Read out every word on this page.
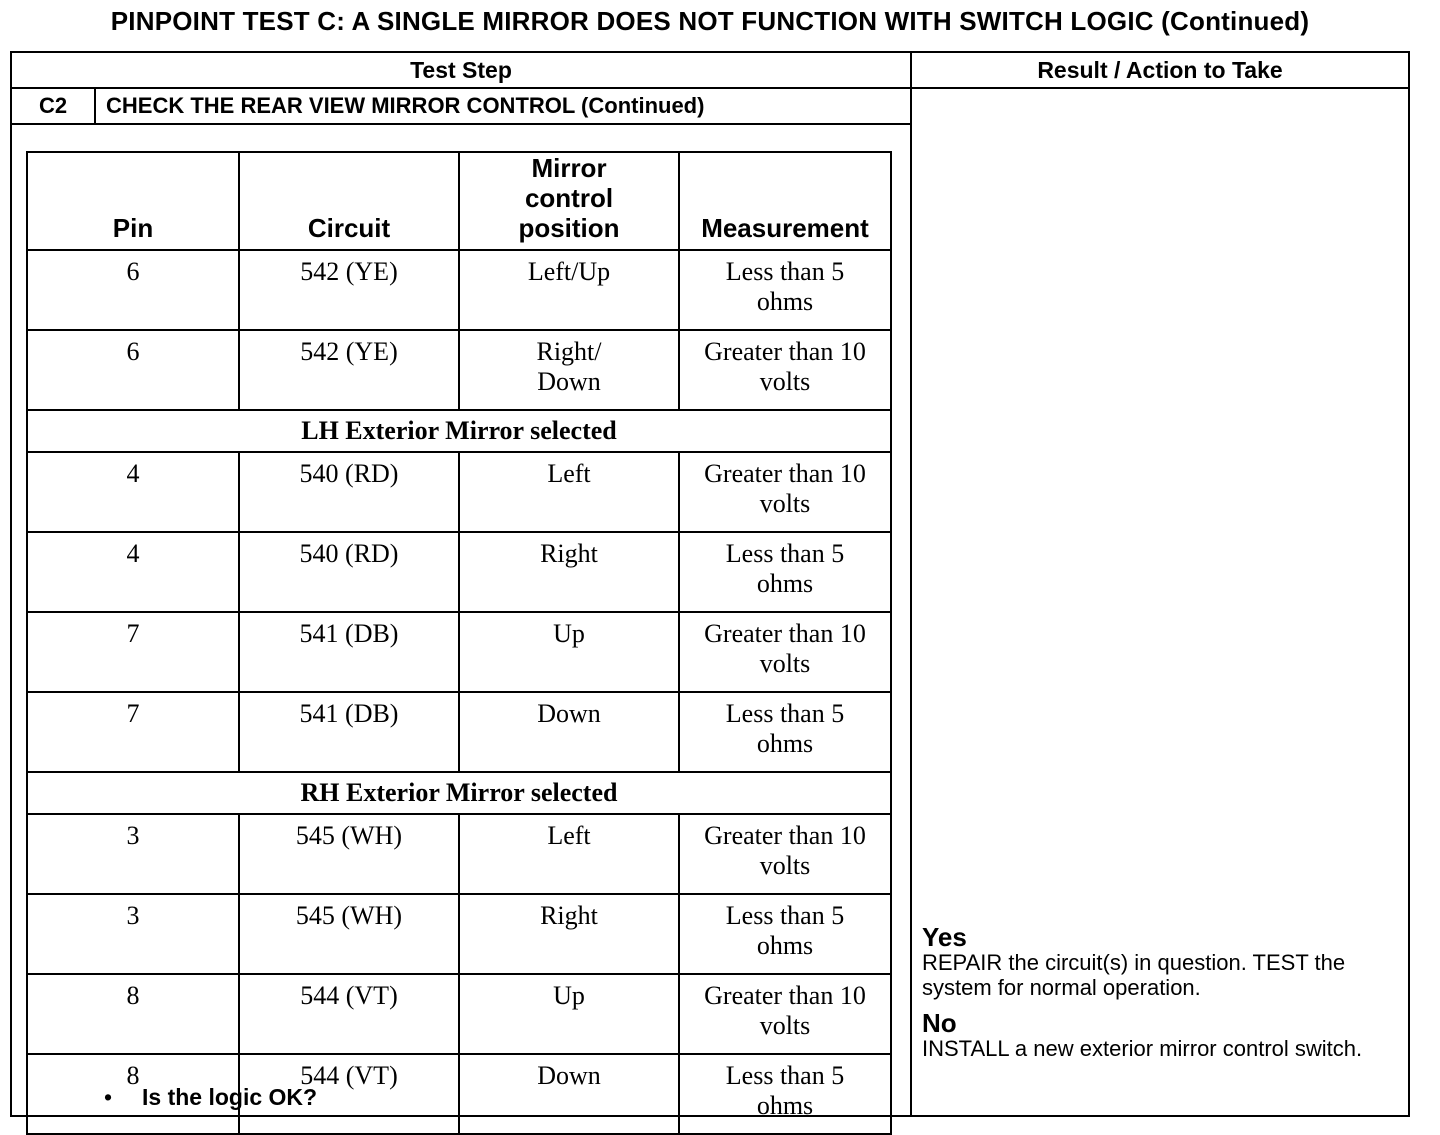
PINPOINT TEST C: A SINGLE MIRROR DOES NOT FUNCTION WITH SWITCH LOGIC (Continued)
Test Step	Result / Action to Take
C2	CHECK THE REAR VIEW MIRROR CONTROL (Continued)
Pin	Circuit	Mirror control position	Measurement
6	542 (YE)	Left/Up	Less than 5 ohms

6	542 (YE)	Right/ Down	Greater than 10 volts

LH Exterior Mirror selected			
4	540 (RD)	Left	Greater than 10 volts

4	540 (RD)	Right	Less than 5 ohms

7	541 (DB)	Up	Greater than 10 volts

7	541 (DB)	Down	Less than 5 ohms

RH Exterior Mirror selected			
3	545 (WH)	Left	Greater than 10 volts

3	545 (WH)	Right	Less than 5 ohms

8	544 (VT)	Up	Greater than 10 volts

8	544 (VT)	Down	Less than 5 ohms
• Is the logic OK?
Yes
REPAIR the circuit(s) in question. TEST the system for normal operation.
No
INSTALL a new exterior mirror control switch.
